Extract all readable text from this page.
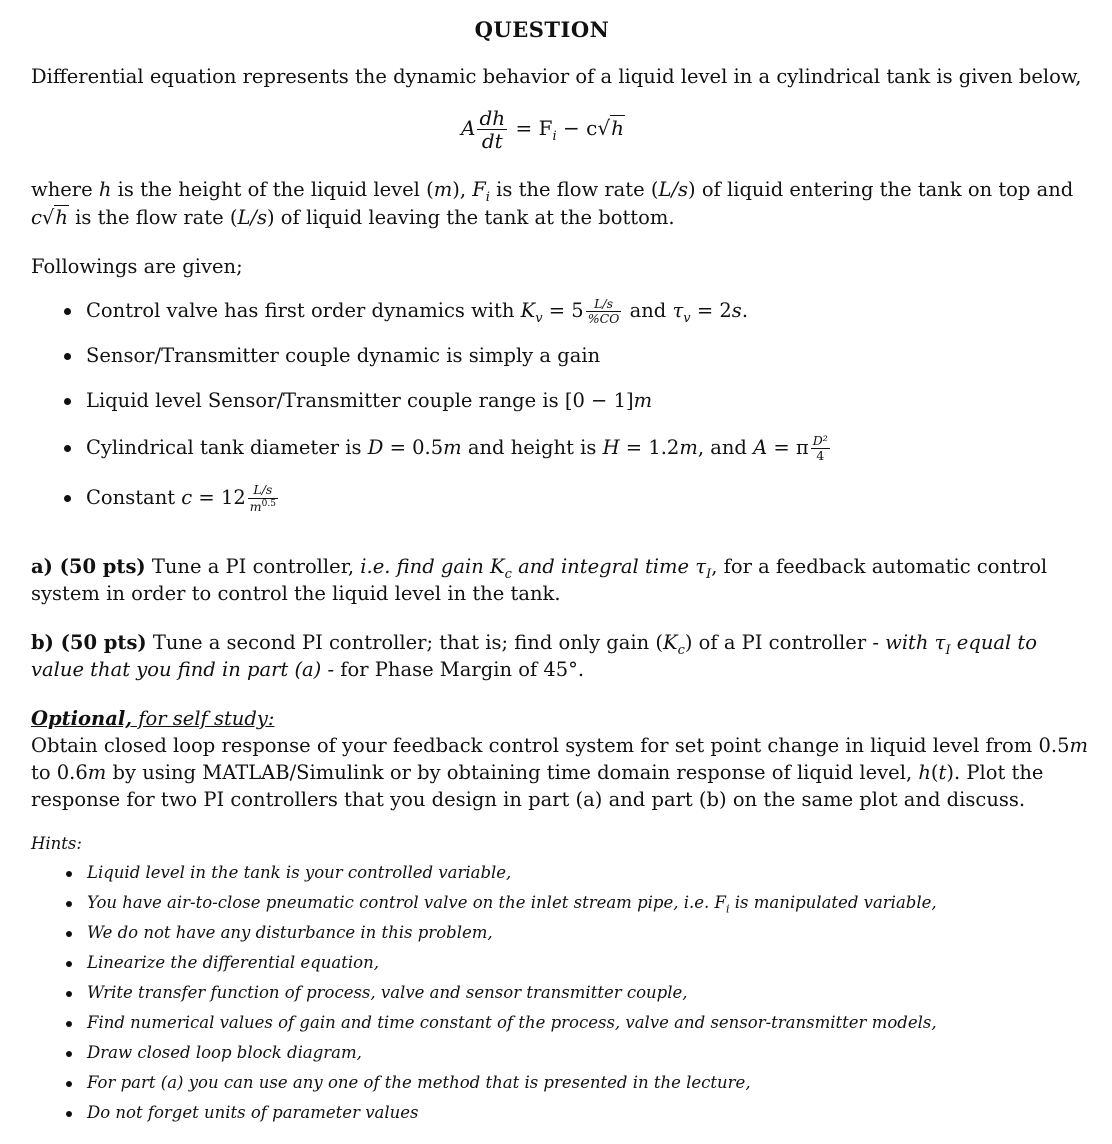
QUESTION
Differential equation represents the dynamic behavior of a liquid level in a cylindrical tank is given below,
A $\frac{dh}{dt} = F_i - c√h$
where h is the height of the liquid level (m), $F_i$ is the flow rate (L/s) of liquid entering the tank on top and
c√h is the flow rate (L/s) of liquid leaving the tank at the bottom.
Followings are given;
Control valve has first order dynamics with $K_v = 5 \frac{L/s}{\%CO}$ and $\tau_v = 2s$.
Sensor/Transmitter couple dynamic is simply a gain
Liquid level Sensor/Transmitter couple range is [0 − 1]m
Cylindrical tank diameter is D = 0.5m and height is H = 1.2m, and A = π $\frac{\text{D²}}{4}$
Constant $c = 12 \frac{L/s}{m^{0.5}}$
a) (50 pts) Tune a PI controller, i.e. find gain $K_c$ and integral time $\tau_I$, for a feedback automatic control
system in order to control the liquid level in the tank.
b) (50 pts) Tune a second PI controller; that is; find only gain $(K_c)$ of a PI controller - with $\tau_I$ equal to
value that you find in part (a) - for Phase Margin of 45°.
Optional, for self study:
Obtain closed loop response of your feedback control system for set point change in liquid level from 0.5m
to 0.6m by using MATLAB/Simulink or by obtaining time domain response of liquid level, h(t). Plot the
response for two PI controllers that you design in part (a) and part (b) on the same plot and discuss.
Hints:
Liquid level in the tank is your controlled variable,
You have air-to-close pneumatic control valve on the inlet stream pipe, i.e. $F_i$ is manipulated variable,
We do not have any disturbance in this problem,
Linearize the differential equation,
Write transfer function of process, valve and sensor transmitter couple,
Find numerical values of gain and time constant of the process, valve and sensor-transmitter models,
Draw closed loop block diagram,
For part (a) you can use any one of the method that is presented in the lecture,
Do not forget units of parameter values
